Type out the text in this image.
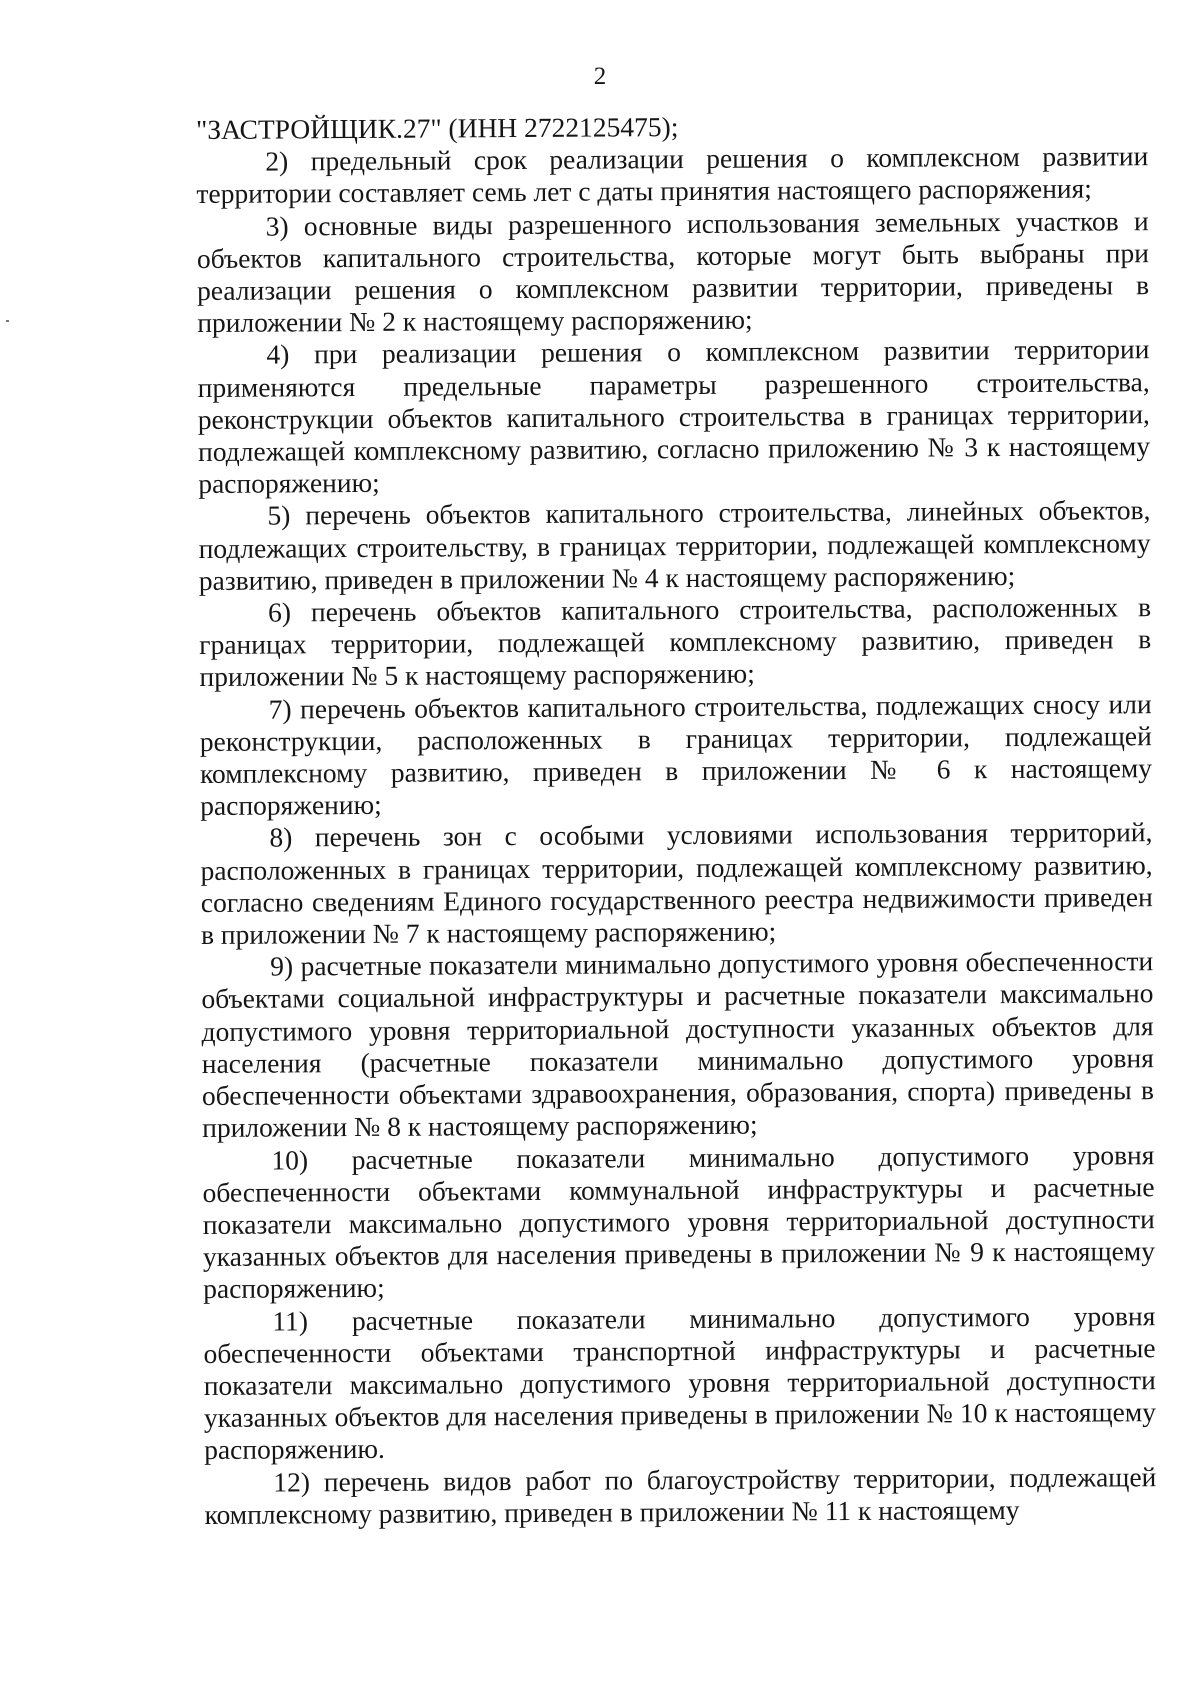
2

"ЗАСТРОЙЩИК.27" (ИНН 2722125475);

2) предельный срок реализации решения о комплексном развитии территории составляет семь лет с даты принятия настоящего распоряжения;

3) основные виды разрешенного использования земельных участков и объектов капитального строительства, которые могут быть выбраны при реализации решения о комплексном развитии территории, приведены в приложении № 2 к настоящему распоряжению;

4) при реализации решения о комплексном развитии территории применяются предельные параметры разрешенного строительства, реконструкции объектов капитального строительства в границах территории, подлежащей комплексному развитию, согласно приложению № 3 к настоящему распоряжению;

5) перечень объектов капитального строительства, линейных объектов, подлежащих строительству, в границах территории, подлежащей комплексному развитию, приведен в приложении № 4 к настоящему распоряжению;

6) перечень объектов капитального строительства, расположенных в границах территории, подлежащей комплексному развитию, приведен в приложении № 5 к настоящему распоряжению;

7) перечень объектов капитального строительства, подлежащих сносу или реконструкции, расположенных в границах территории, подлежащей комплексному развитию, приведен в приложении № 6 к настоящему распоряжению;

8) перечень зон с особыми условиями использования территорий, расположенных в границах территории, подлежащей комплексному развитию, согласно сведениям Единого государственного реестра недвижимости приведен в приложении № 7 к настоящему распоряжению;

9) расчетные показатели минимально допустимого уровня обеспеченности объектами социальной инфраструктуры и расчетные показатели максимально допустимого уровня территориальной доступности указанных объектов для населения (расчетные показатели минимально допустимого уровня обеспеченности объектами здравоохранения, образования, спорта) приведены в приложении № 8 к настоящему распоряжению;

10) расчетные показатели минимально допустимого уровня обеспеченности объектами коммунальной инфраструктуры и расчетные показатели максимально допустимого уровня территориальной доступности указанных объектов для населения приведены в приложении № 9 к настоящему распоряжению;

11) расчетные показатели минимально допустимого уровня обеспеченности объектами транспортной инфраструктуры и расчетные показатели максимально допустимого уровня территориальной доступности указанных объектов для населения приведены в приложении № 10 к настоящему распоряжению.

12) перечень видов работ по благоустройству территории, подлежащей комплексному развитию, приведен в приложении № 11 к настоящему
